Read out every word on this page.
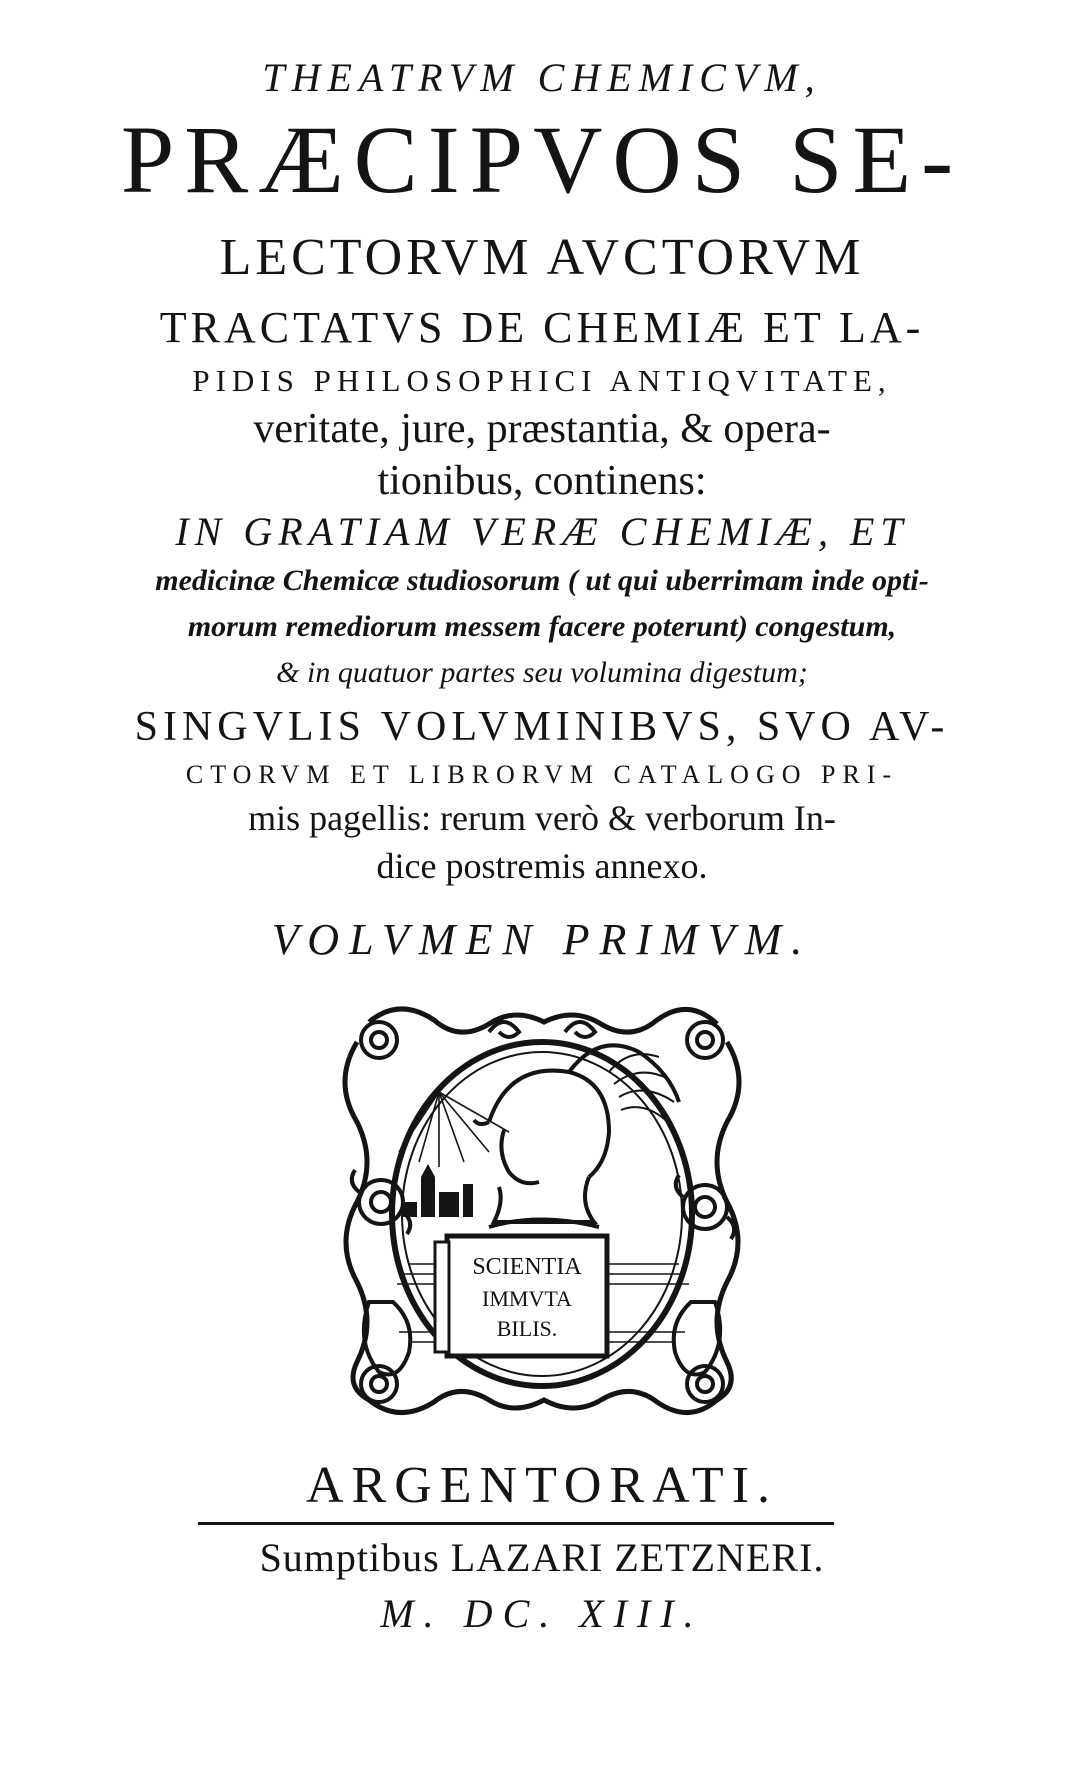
THEATRVM CHEMICVM,
PRÆCIPVOS SE-
LECTORVM AVCTORVM
TRACTATVS DE CHEMIÆ ET LA-
PIDIS PHILOSOPHICI ANTIQVITATE,
veritate, jure, præstantia, & opera-
tionibus, continens:
IN GRATIAM VERÆ CHEMIÆ, ET
medicinæ Chemicæ studiosorum ( ut qui uberrimam inde opti-
morum remediorum messem facere poterunt) congestum,
& in quatuor partes seu volumina digestum;
SINGVLIS VOLVMINIBVS, SVO AV-
CTORVM ET LIBRORVM CATALOGO PRI-
mis pagellis: rerum verò & verborum In-
dice postremis annexo.
VOLVMEN PRIMVM.
SCIENTIA
IMMVTA
BILIS.
ARGENTORATI.
Sumptibus LAZARI ZETZNERI.
M. DC. XIII.
